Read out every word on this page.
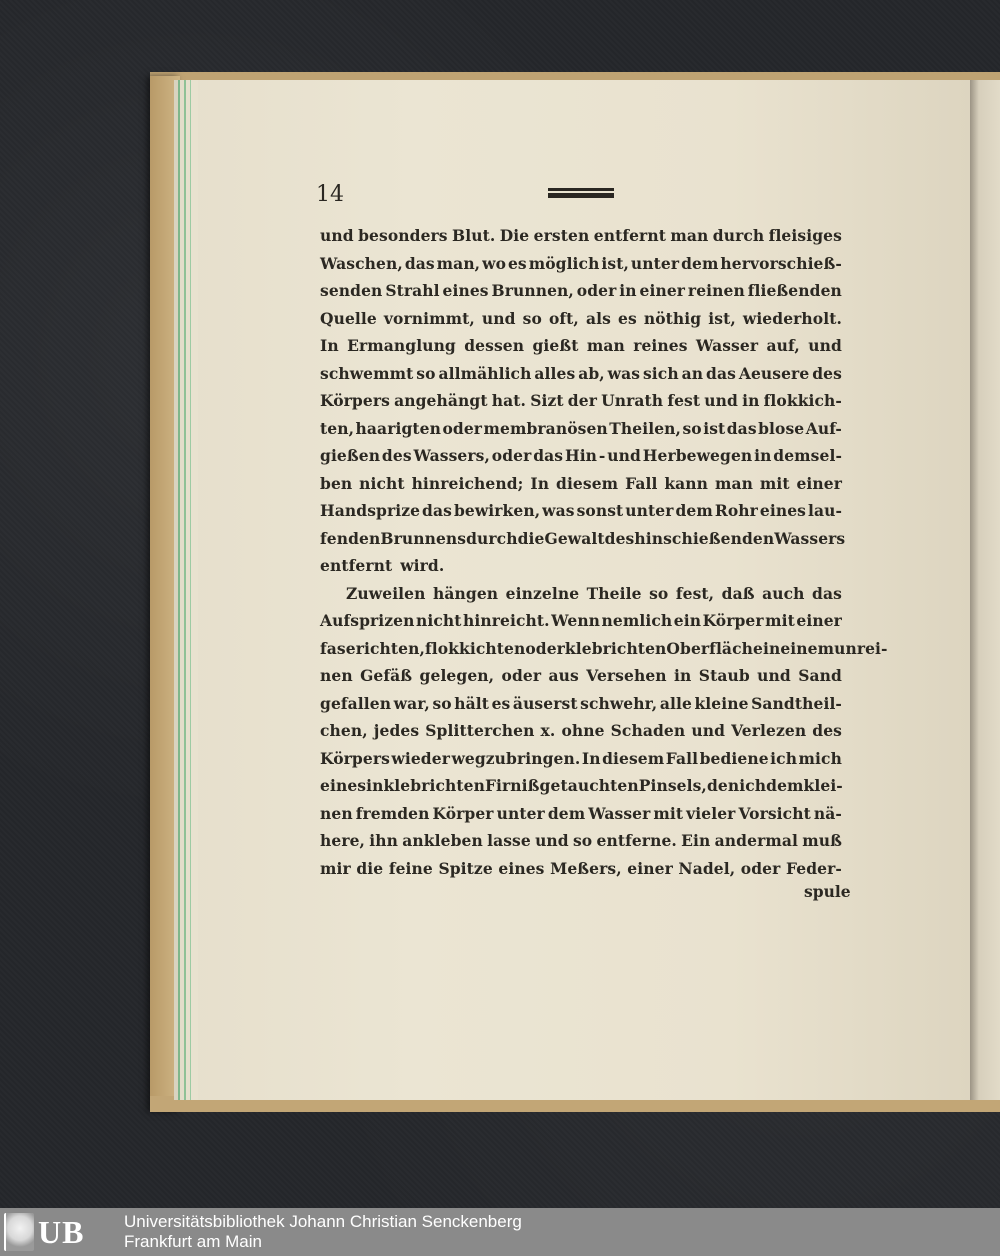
14
und besonders Blut. Die ersten entfernt man durch fleisiges
Waschen, das man, wo es möglich ist, unter dem hervorschieß-
senden Strahl eines Brunnen, oder in einer reinen fließenden
Quelle vornimmt, und so oft, als es nöthig ist, wiederholt.
In Ermanglung dessen gießt man reines Wasser auf, und
schwemmt so allmählich alles ab, was sich an das Aeusere des
Körpers angehängt hat. Sizt der Unrath fest und in flokkich-
ten, haarigten oder membranösen Theilen, so ist das blose Auf-
gießen des Wassers, oder das Hin - und Herbewegen in demsel-
ben nicht hinreichend; In diesem Fall kann man mit einer
Handsprize das bewirken, was sonst unter dem Rohr eines lau-
fenden Brunnens durch die Gewalt des hinschießenden Wassers
entfernt wird.
Zuweilen hängen einzelne Theile so fest, daß auch das
Aufsprizen nicht hinreicht. Wenn nemlich ein Körper mit einer
faserichten, flokkichten oder klebrichten Oberfläche in einem unrei-
nen Gefäß gelegen, oder aus Versehen in Staub und Sand
gefallen war, so hält es äuserst schwehr, alle kleine Sandtheil-
chen, jedes Splitterchen x. ohne Schaden und Verlezen des
Körpers wieder wegzubringen. In diesem Fall bediene ich mich
eines in klebrichten Firniß getauchten Pinsels, den ich dem klei-
nen fremden Körper unter dem Wasser mit vieler Vorsicht nä-
here, ihn ankleben lasse und so entferne. Ein andermal muß
mir die feine Spitze eines Meßers, einer Nadel, oder Feder-
spule
UB Universitätsbibliothek Johann Christian Senckenberg
Frankfurt am Main
